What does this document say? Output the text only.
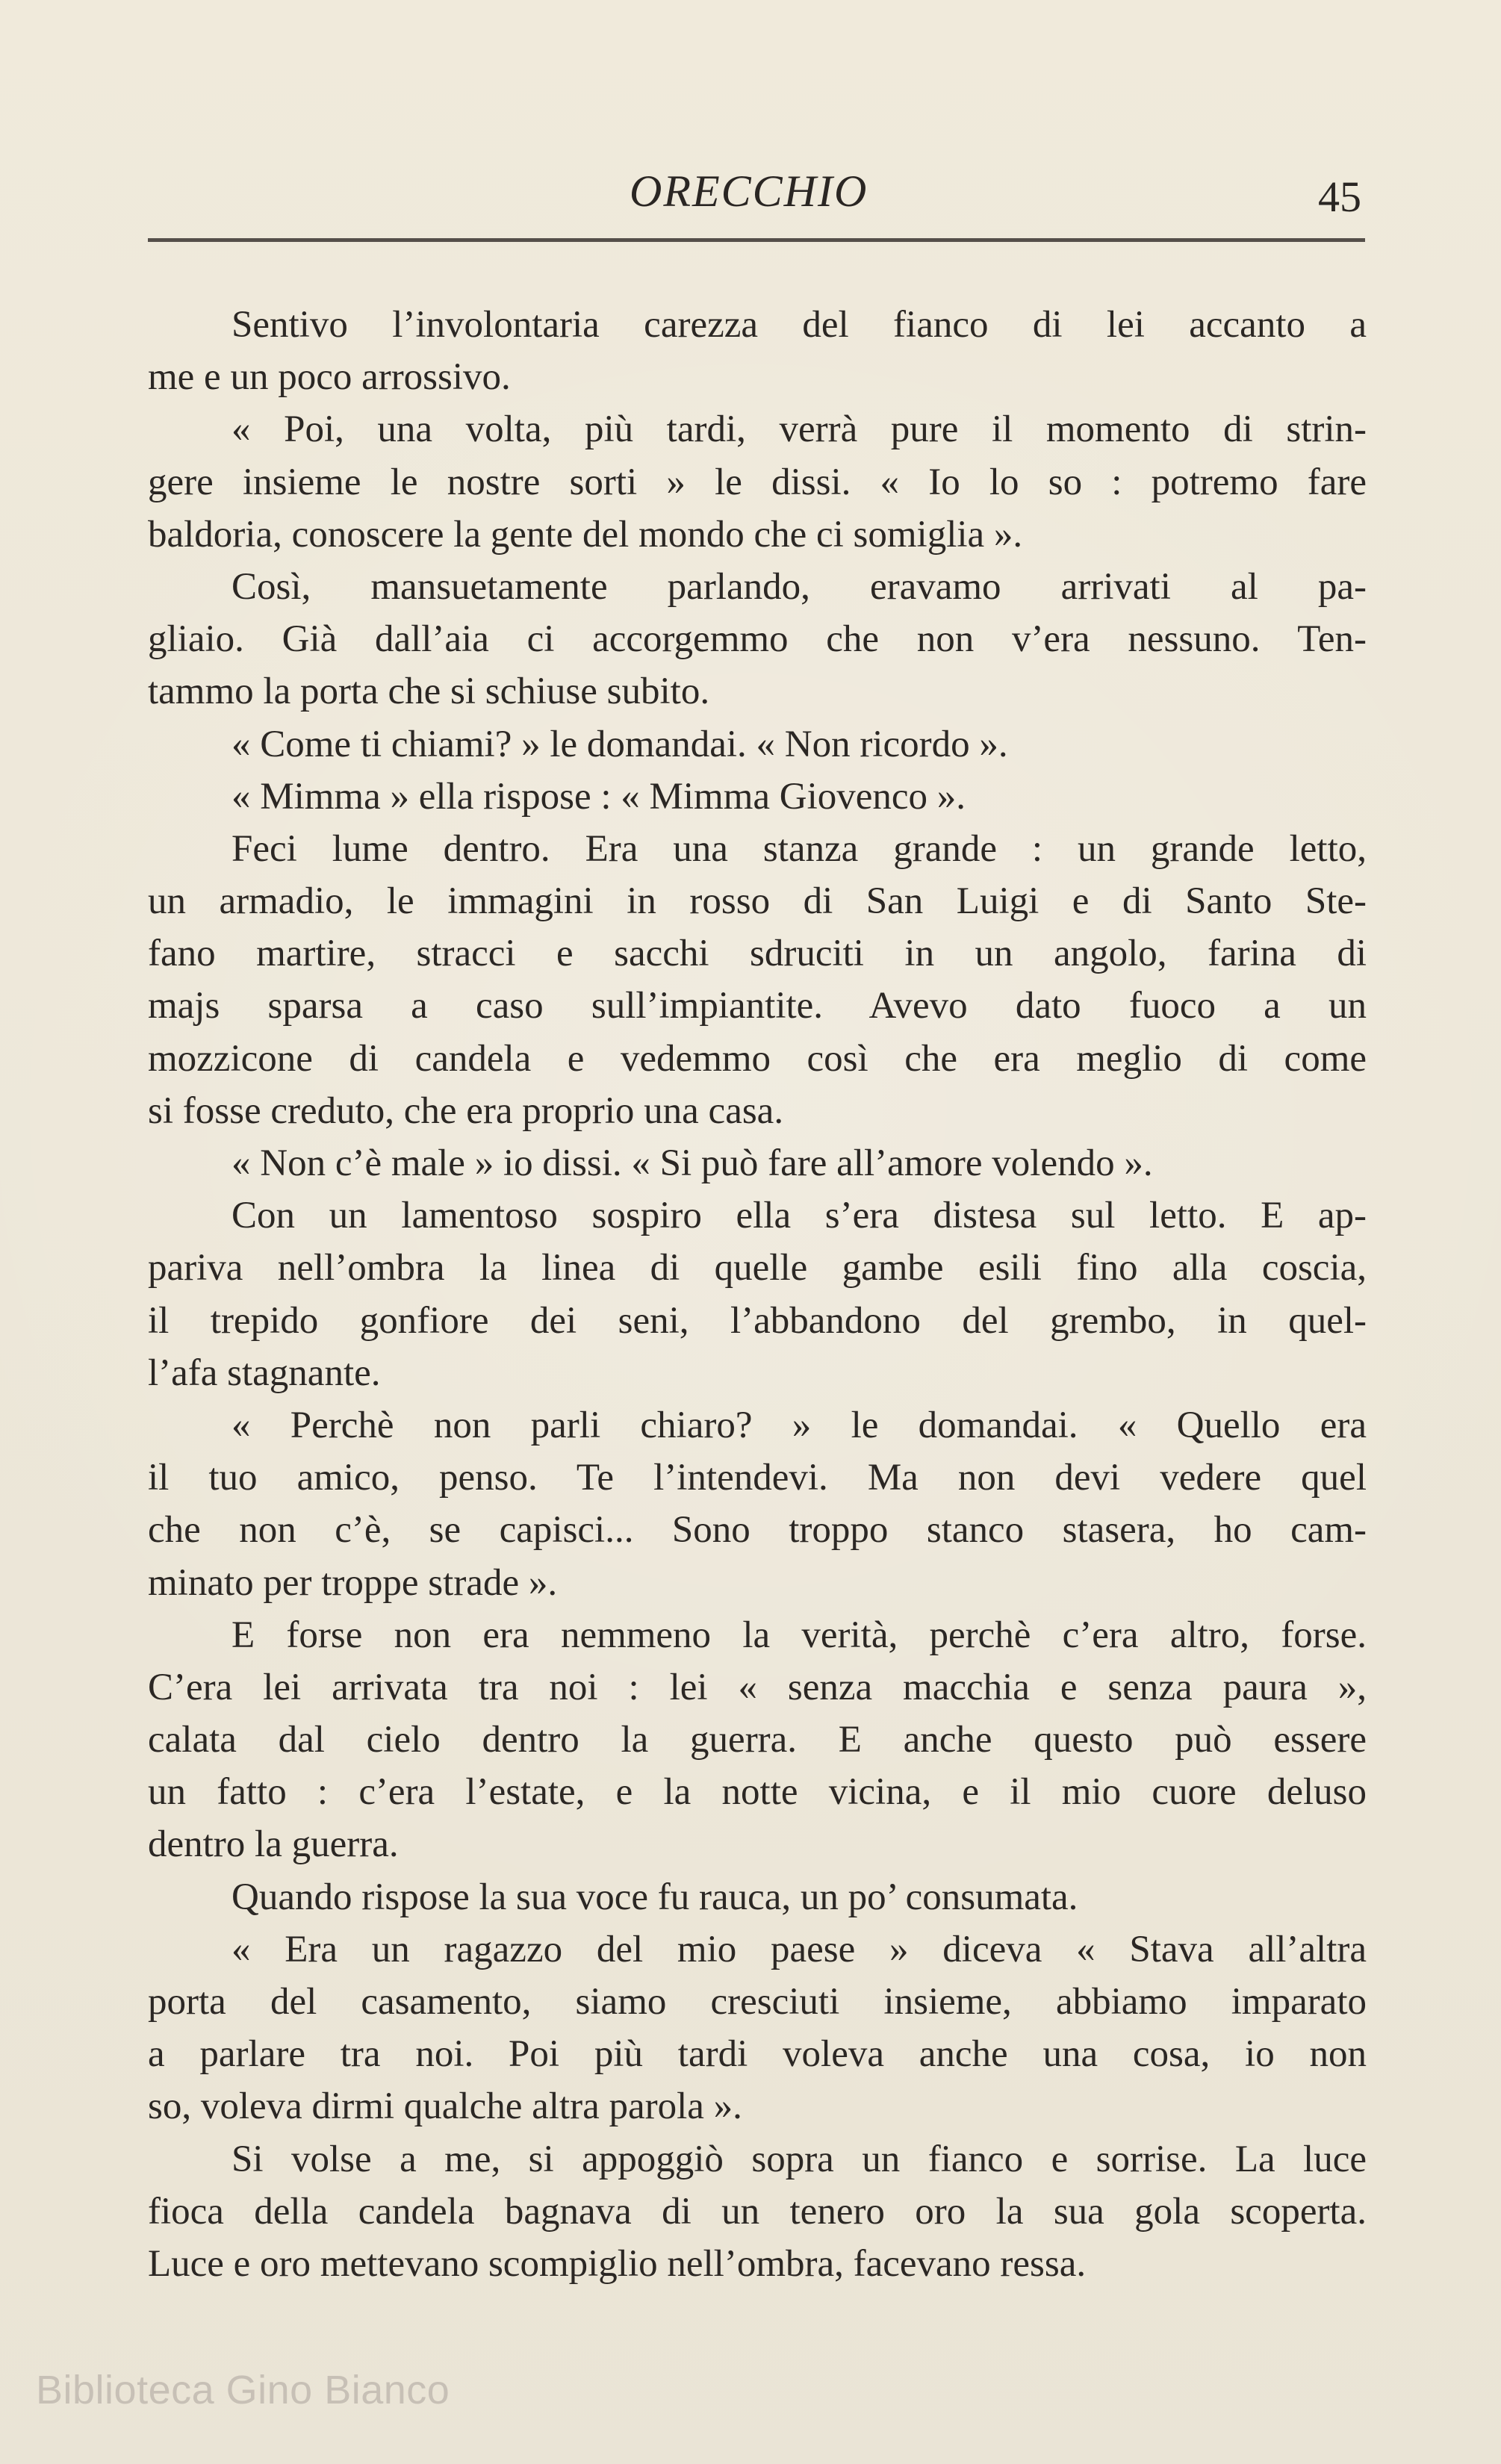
ORECCHIO	45
Sentivo l’involontaria carezza del fianco di lei accanto a
me e un poco arrossivo.
« Poi, una volta, più tardi, verrà pure il momento di strin-
gere insieme le nostre sorti » le dissi. « Io lo so : potremo fare
baldoria, conoscere la gente del mondo che ci somiglia ».
Così, mansuetamente parlando, eravamo arrivati al pa-
gliaio. Già dall’aia ci accorgemmo che non v’era nessuno. Ten-
tammo la porta che si schiuse subito.
« Come ti chiami? » le domandai. « Non ricordo ».
« Mimma » ella rispose : « Mimma Giovenco ».
Feci lume dentro. Era una stanza grande : un grande letto,
un armadio, le immagini in rosso di San Luigi e di Santo Ste-
fano martire, stracci e sacchi sdruciti in un angolo, farina di
majs sparsa a caso sull’impiantite. Avevo dato fuoco a un
mozzicone di candela e vedemmo così che era meglio di come
si fosse creduto, che era proprio una casa.
« Non c’è male » io dissi. « Si può fare all’amore volendo ».
Con un lamentoso sospiro ella s’era distesa sul letto. E ap-
pariva nell’ombra la linea di quelle gambe esili fino alla coscia,
il trepido gonfiore dei seni, l’abbandono del grembo, in quel-
l’afa stagnante.
« Perchè non parli chiaro? » le domandai. « Quello era
il tuo amico, penso. Te l’intendevi. Ma non devi vedere quel
che non c’è, se capisci... Sono troppo stanco stasera, ho cam-
minato per troppe strade ».
E forse non era nemmeno la verità, perchè c’era altro, forse.
C’era lei arrivata tra noi : lei « senza macchia e senza paura »,
calata dal cielo dentro la guerra. E anche questo può essere
un fatto : c’era l’estate, e la notte vicina, e il mio cuore deluso
dentro la guerra.
Quando rispose la sua voce fu rauca, un po’ consumata.
« Era un ragazzo del mio paese » diceva « Stava all’altra
porta del casamento, siamo cresciuti insieme, abbiamo imparato
a parlare tra noi. Poi più tardi voleva anche una cosa, io non
so, voleva dirmi qualche altra parola ».
Si volse a me, si appoggiò sopra un fianco e sorrise. La luce
fioca della candela bagnava di un tenero oro la sua gola scoperta.
Luce e oro mettevano scompiglio nell’ombra, facevano ressa.
Biblioteca Gino Bianco
